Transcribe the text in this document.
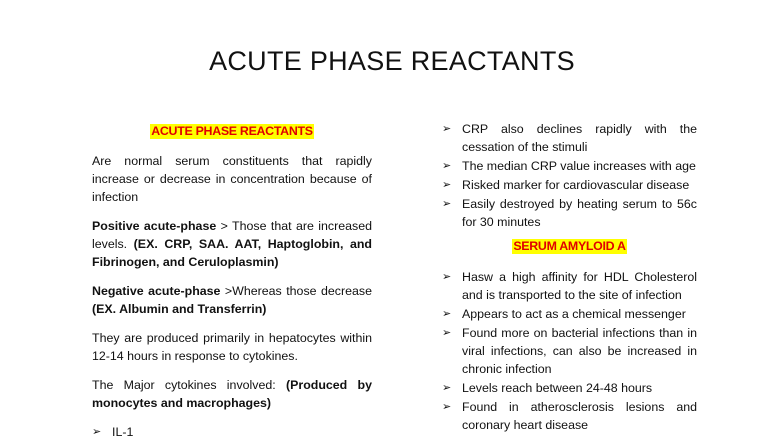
ACUTE PHASE REACTANTS
ACUTE PHASE REACTANTS

Are normal serum constituents that rapidly increase or decrease in concentration because of infection

Positive acute-phase > Those that are increased levels. (EX. CRP, SAA. AAT, Haptoglobin, and Fibrinogen, and Ceruloplasmin)

Negative acute-phase >Whereas those decrease (EX. Albumin and Transferrin)

They are produced primarily in hepatocytes within 12-14 hours in response to cytokines.

The Major cytokines involved: (Produced by monocytes and macrophages)

➢ IL-1
➢ CRP also declines rapidly with the cessation of the stimuli
➢ The median CRP value increases with age
➢ Risked marker for cardiovascular disease
➢ Easily destroyed by heating serum to 56c for 30 minutes
SERUM AMYLOID A
➢ Hasw a high affinity for HDL Cholesterol and is transported to the site of infection
➢ Appears to act as a chemical messenger
➢ Found more on bacterial infections than in viral infections, can also be increased in chronic infection
➢ Levels reach between 24-48 hours
➢ Found in atherosclerosis lesions and coronary heart disease
